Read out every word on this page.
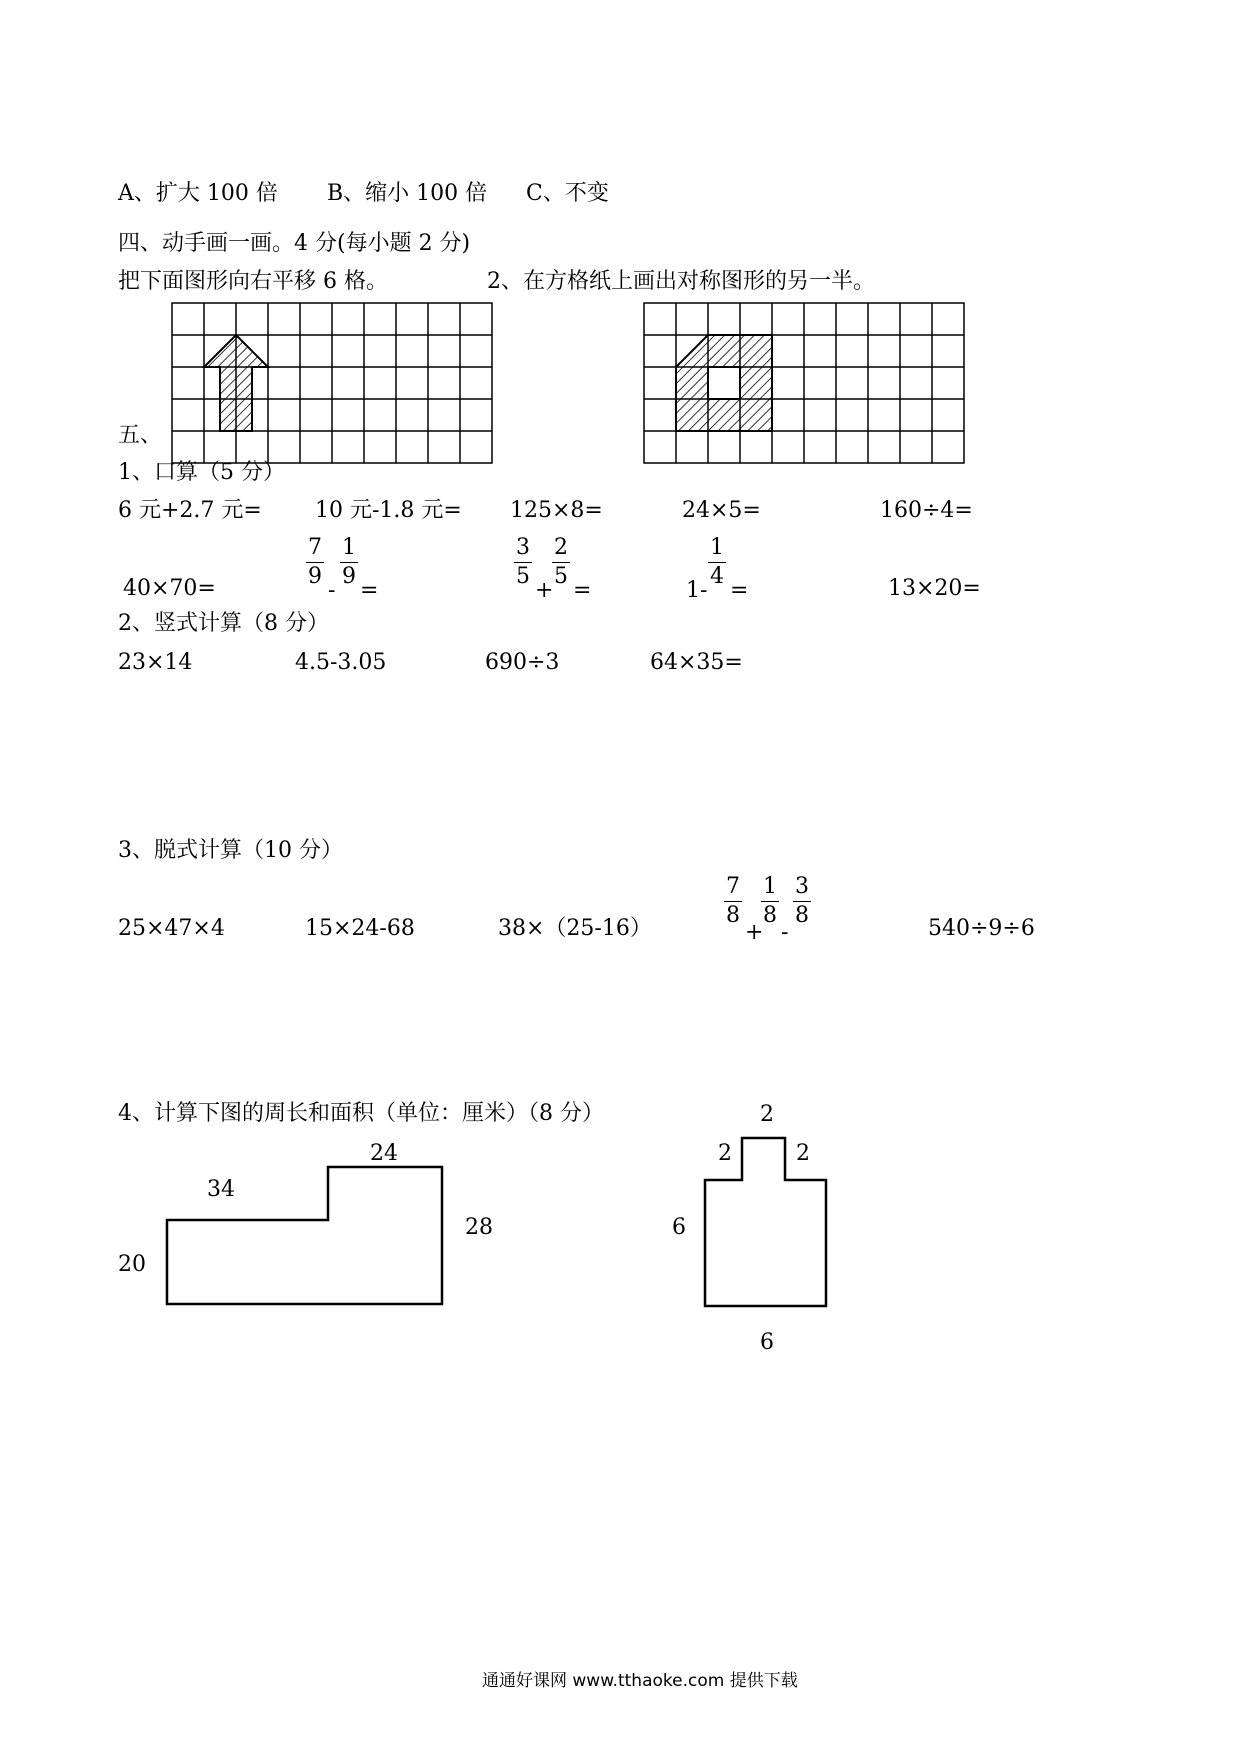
A、扩大 100 倍 B、缩小 100 倍 C、不变
四、动手画一画。4 分(每小题 2 分)
把下面图形向右平移 6 格。	2、在方格纸上画出对称图形的另一半。
五、
1、口算（5 分）
6 元+2.7 元= 10 元-1.8 元= 125×8=	24×5=	160÷4=
40×70=
7
9
-
1
9
=
3
5
+
2
5
=	1-
1
4
=	13×20=
2、竖式计算（8 分）
23×14	4.5-3.05	690÷3	64×35=
3、脱式计算（10 分）
25×47×4	15×24-68	38×（25-16）
7
8
+
1
8
-
3
8
540÷9÷6
4、计算下图的周长和面积（单位：厘米）（8 分）
24
34
28
20
2
2	2
6
6
通通好课网 www.tthaoke.com 提供下载
